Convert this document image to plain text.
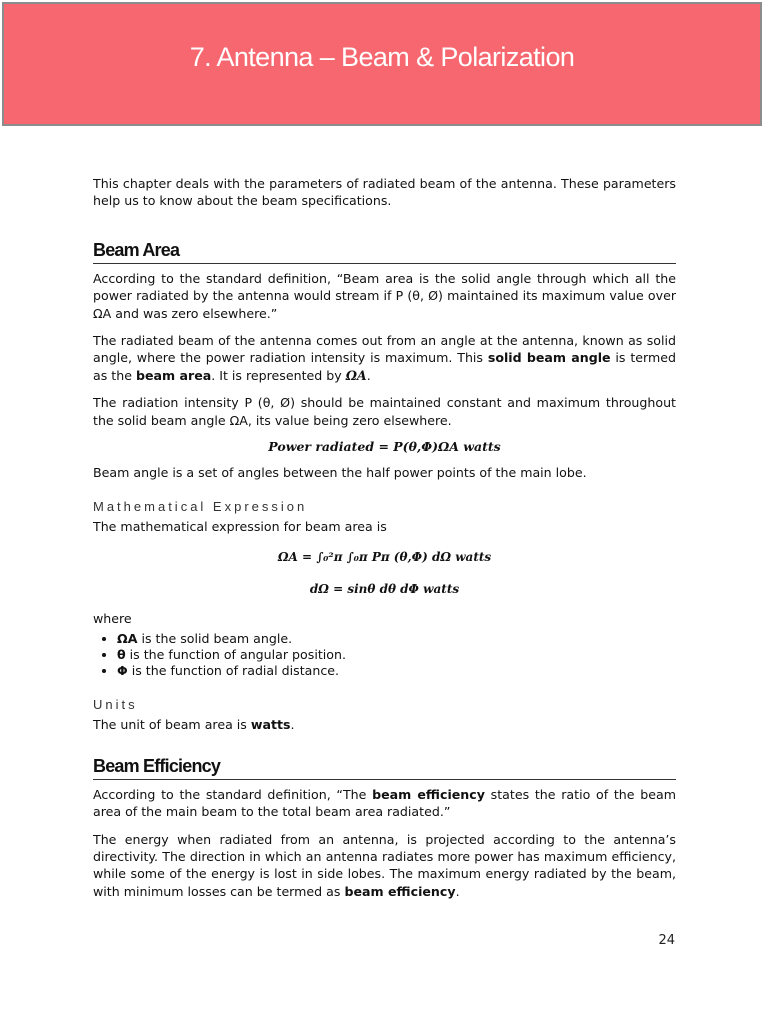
7. Antenna – Beam & Polarization

This chapter deals with the parameters of radiated beam of the antenna. These parameters help us to know about the beam specifications.

Beam Area

According to the standard definition, “Beam area is the solid angle through which all the power radiated by the antenna would stream if P (θ, Ø) maintained its maximum value over ΩA and was zero elsewhere.”

The radiated beam of the antenna comes out from an angle at the antenna, known as solid angle, where the power radiation intensity is maximum. This solid beam angle is termed as the beam area. It is represented by ΩA.

The radiation intensity P (θ, Ø) should be maintained constant and maximum throughout the solid beam angle ΩA, its value being zero elsewhere.

Power radiated = P(θ,Φ)ΩA watts

Beam angle is a set of angles between the half power points of the main lobe.

Mathematical Expression

The mathematical expression for beam area is

ΩA = ∫₀²π ∫₀π Pπ (θ,Φ) dΩ watts
dΩ = sinθ dθ dΦ watts

where

• ΩA is the solid beam angle.
• θ is the function of angular position.
• Φ is the function of radial distance.
Units

The unit of beam area is watts.

Beam Efficiency

According to the standard definition, “The beam efficiency states the ratio of the beam area of the main beam to the total beam area radiated.”

The energy when radiated from an antenna, is projected according to the antenna’s directivity. The direction in which an antenna radiates more power has maximum efficiency, while some of the energy is lost in side lobes. The maximum energy radiated by the beam, with minimum losses can be termed as beam efficiency.

24
